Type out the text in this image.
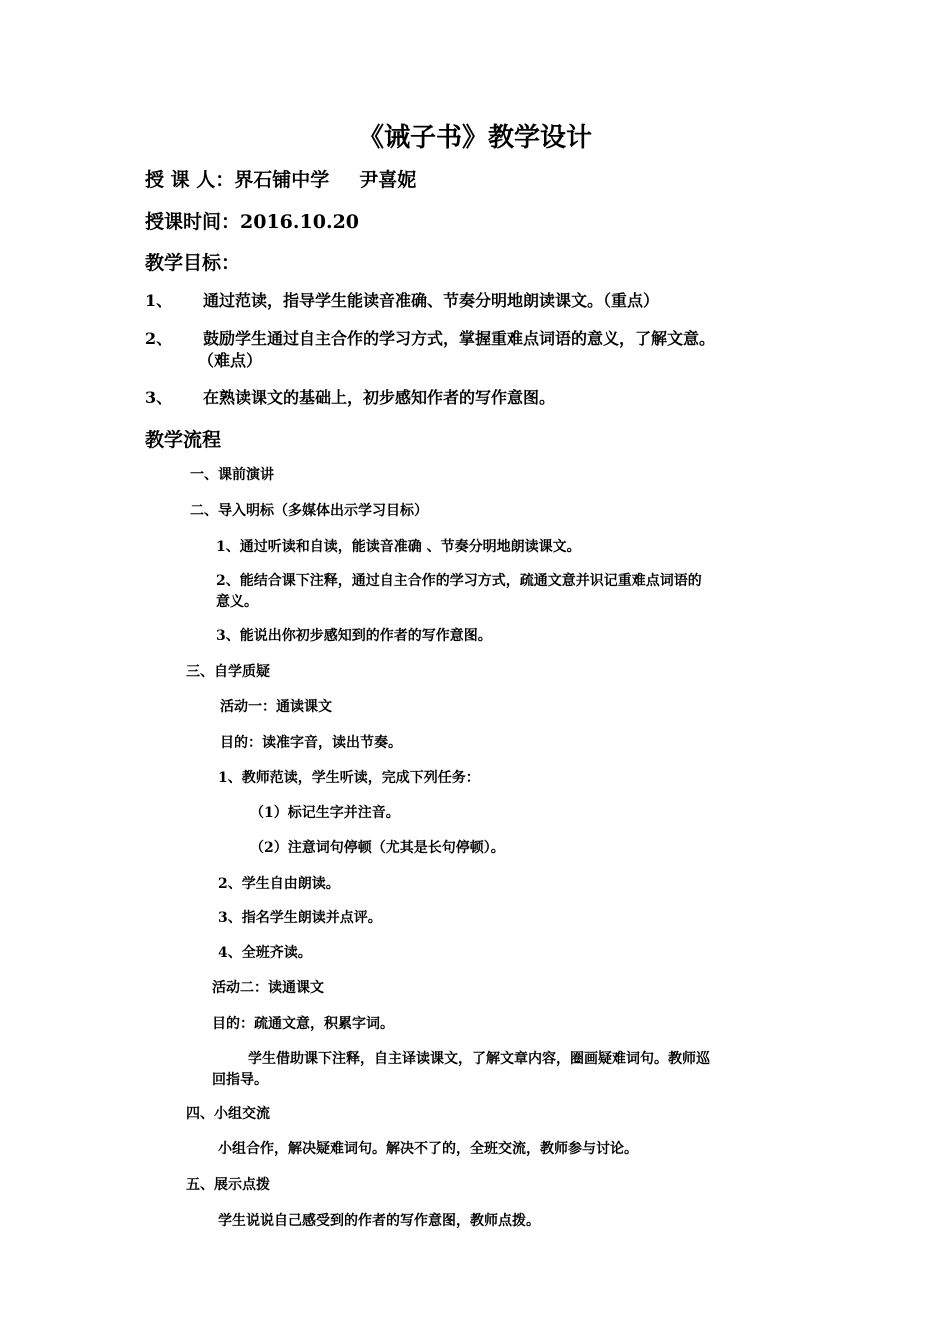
《诫子书》教学设计
授 课 人：界石铺中学 尹喜妮
授课时间：2016.10.20
教学目标：
1、 通过范读，指导学生能读音准确、节奏分明地朗读课文。（重点）
2、 鼓励学生通过自主合作的学习方式，掌握重难点词语的意义，了解文意。
（难点）
3、 在熟读课文的基础上，初步感知作者的写作意图。
教学流程
一、课前演讲
二、导入明标（多媒体出示学习目标）
1、通过听读和自读，能读音准确 、节奏分明地朗读课文。
2、能结合课下注释，通过自主合作的学习方式，疏通文意并识记重难点词语的
意义。
3、能说出你初步感知到的作者的写作意图。
三、自学质疑
活动一：通读课文
目的：读准字音，读出节奏。
1、教师范读，学生听读，完成下列任务：
（1）标记生字并注音。
（2）注意词句停顿（尤其是长句停顿）。
2、学生自由朗读。
3、指名学生朗读并点评。
4、全班齐读。
活动二：读通课文
目的：疏通文意，积累字词。
学生借助课下注释，自主译读课文，了解文章内容，圈画疑难词句。教师巡
回指导。
四、小组交流
小组合作，解决疑难词句。解决不了的，全班交流，教师参与讨论。
五、展示点拨
学生说说自己感受到的作者的写作意图，教师点拨。
